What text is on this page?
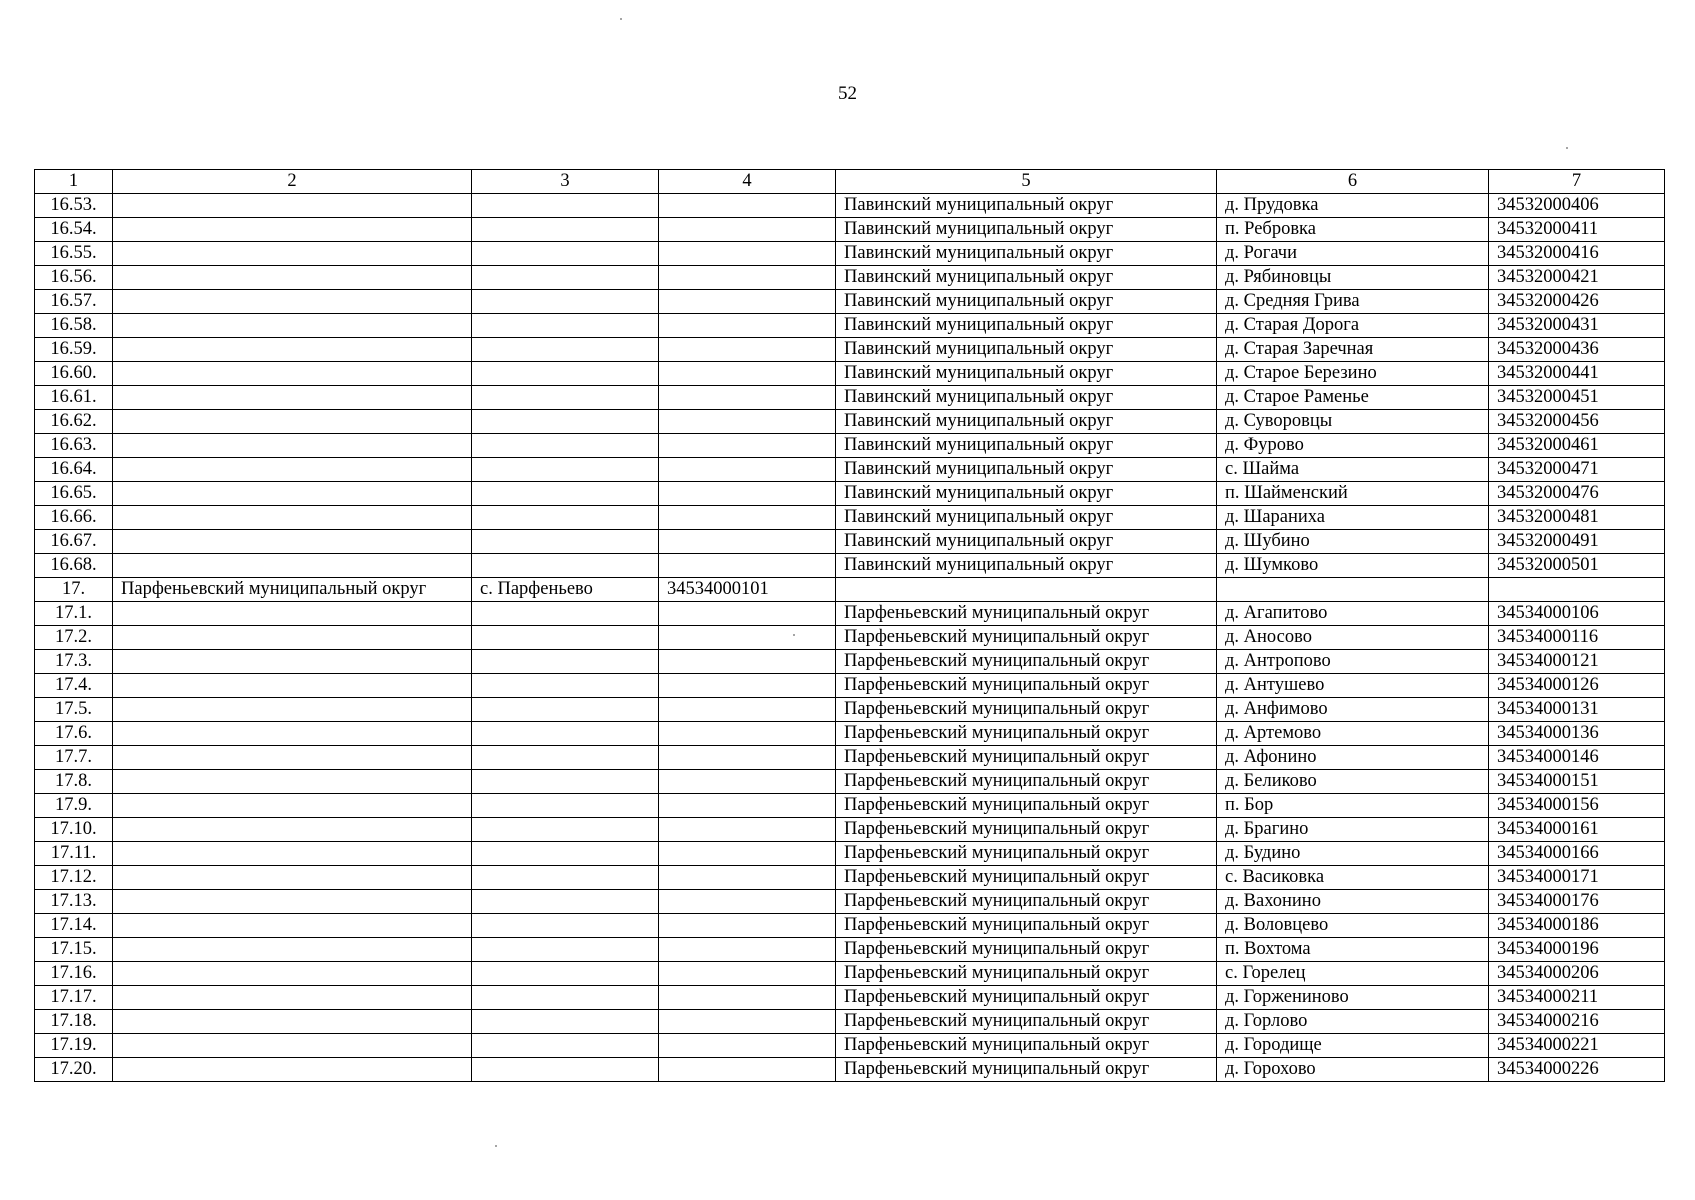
52
1	2	3	4	5	6	7
16.53.				Павинский муниципальный округ	д. Прудовка	34532000406
16.54.				Павинский муниципальный округ	п. Ребровка	34532000411
16.55.				Павинский муниципальный округ	д. Рогачи	34532000416
16.56.				Павинский муниципальный округ	д. Рябиновцы	34532000421
16.57.				Павинский муниципальный округ	д. Средняя Грива	34532000426
16.58.				Павинский муниципальный округ	д. Старая Дорога	34532000431
16.59.				Павинский муниципальный округ	д. Старая Заречная	34532000436
16.60.				Павинский муниципальный округ	д. Старое Березино	34532000441
16.61.				Павинский муниципальный округ	д. Старое Раменье	34532000451
16.62.				Павинский муниципальный округ	д. Суворовцы	34532000456
16.63.				Павинский муниципальный округ	д. Фурово	34532000461
16.64.				Павинский муниципальный округ	с. Шайма	34532000471
16.65.				Павинский муниципальный округ	п. Шайменский	34532000476
16.66.				Павинский муниципальный округ	д. Шараниха	34532000481
16.67.				Павинский муниципальный округ	д. Шубино	34532000491
16.68.				Павинский муниципальный округ	д. Шумково	34532000501
17.	Парфеньевский муниципальный округ	с. Парфеньево	34534000101			
17.1.				Парфеньевский муниципальный округ	д. Агапитово	34534000106
17.2.				Парфеньевский муниципальный округ	д. Аносово	34534000116
17.3.				Парфеньевский муниципальный округ	д. Антропово	34534000121
17.4.				Парфеньевский муниципальный округ	д. Антушево	34534000126
17.5.				Парфеньевский муниципальный округ	д. Анфимово	34534000131
17.6.				Парфеньевский муниципальный округ	д. Артемово	34534000136
17.7.				Парфеньевский муниципальный округ	д. Афонино	34534000146
17.8.				Парфеньевский муниципальный округ	д. Беликово	34534000151
17.9.				Парфеньевский муниципальный округ	п. Бор	34534000156
17.10.				Парфеньевский муниципальный округ	д. Брагино	34534000161
17.11.				Парфеньевский муниципальный округ	д. Будино	34534000166
17.12.				Парфеньевский муниципальный округ	с. Васиковка	34534000171
17.13.				Парфеньевский муниципальный округ	д. Вахонино	34534000176
17.14.				Парфеньевский муниципальный округ	д. Воловцево	34534000186
17.15.				Парфеньевский муниципальный округ	п. Вохтома	34534000196
17.16.				Парфеньевский муниципальный округ	с. Горелец	34534000206
17.17.				Парфеньевский муниципальный округ	д. Горжениново	34534000211
17.18.				Парфеньевский муниципальный округ	д. Горлово	34534000216
17.19.				Парфеньевский муниципальный округ	д. Городище	34534000221
17.20.				Парфеньевский муниципальный округ	д. Горохово	34534000226
